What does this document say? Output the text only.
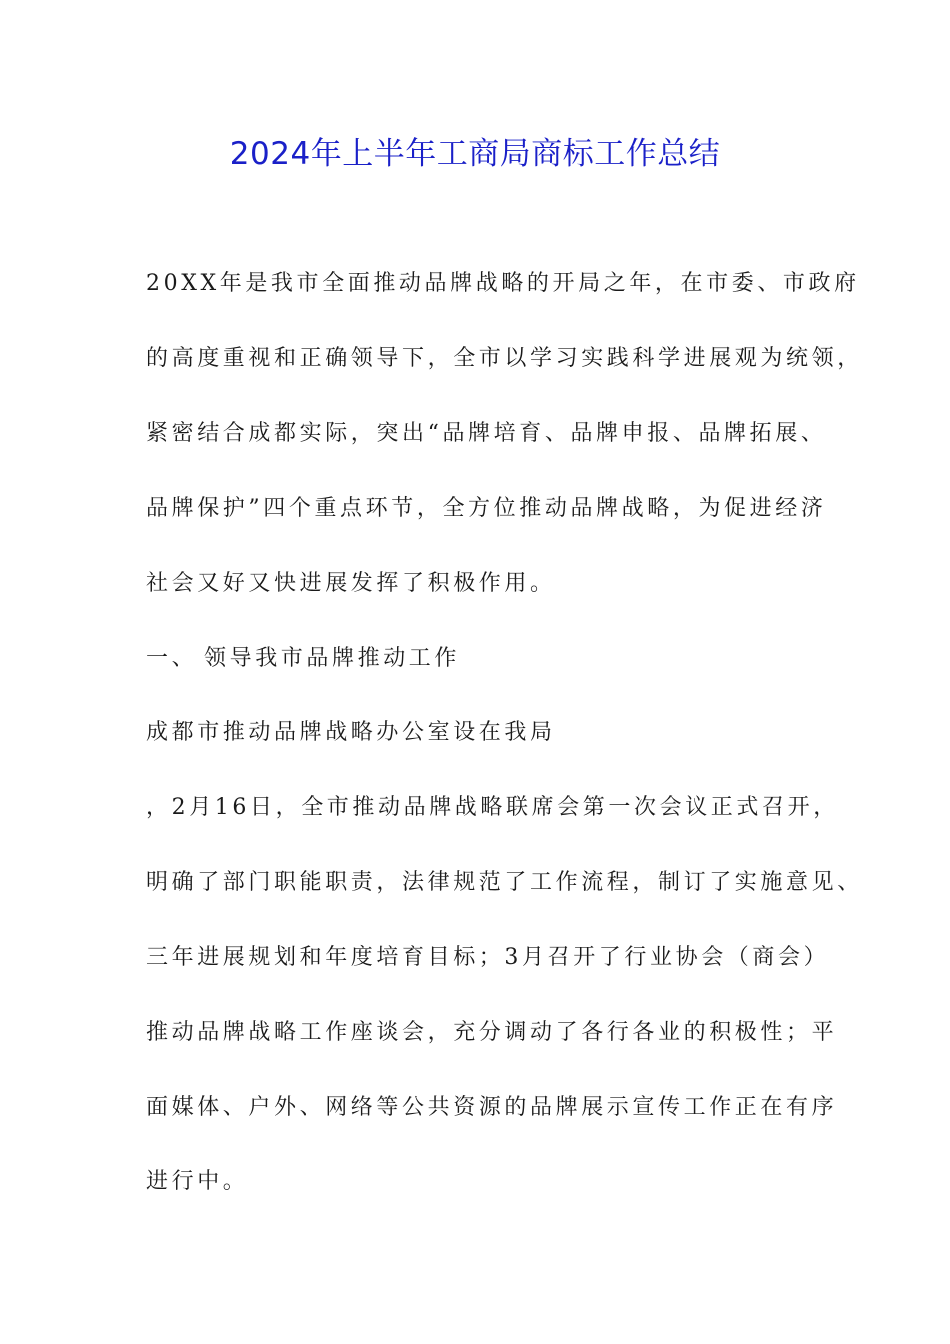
2024年上半年工商局商标工作总结
20XX年是我市全面推动品牌战略的开局之年，在市委、市政府
的高度重视和正确领导下，全市以学习实践科学进展观为统领，
紧密结合成都实际，突出“品牌培育、品牌申报、品牌拓展、
品牌保护”四个重点环节，全方位推动品牌战略，为促进经济
社会又好又快进展发挥了积极作用。
一、 领导我市品牌推动工作
成都市推动品牌战略办公室设在我局
，2月16日，全市推动品牌战略联席会第一次会议正式召开，
明确了部门职能职责，法律规范了工作流程，制订了实施意见、
三年进展规划和年度培育目标；3月召开了行业协会（商会）
推动品牌战略工作座谈会，充分调动了各行各业的积极性；平
面媒体、户外、网络等公共资源的品牌展示宣传工作正在有序
进行中。
